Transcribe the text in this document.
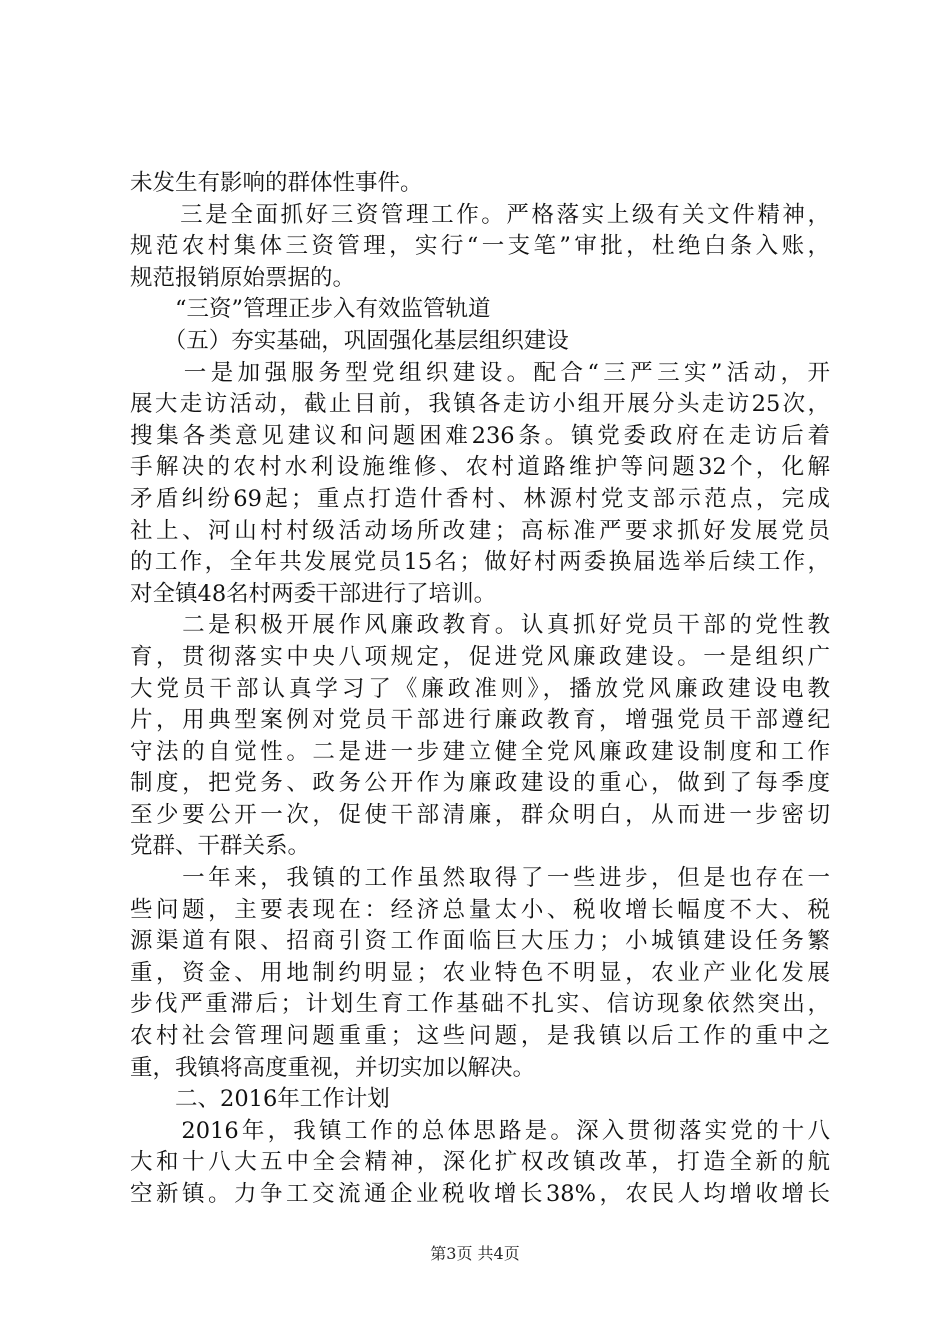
未发生有影响的群体性事件。
　　三是全面抓好三资管理工作。严格落实上级有关文件精神，
规范农村集体三资管理，实行“一支笔”审批，杜绝白条入账，
规范报销原始票据的。
　　“三资”管理正步入有效监管轨道
　　（五）夯实基础，巩固强化基层组织建设
　　一是加强服务型党组织建设。配合“三严三实”活动，开
展大走访活动，截止目前，我镇各走访小组开展分头走访25次，
搜集各类意见建议和问题困难236条。镇党委政府在走访后着
手解决的农村水利设施维修、农村道路维护等问题32个，化解
矛盾纠纷69起；重点打造什香村、林源村党支部示范点，完成
社上、河山村村级活动场所改建；高标准严要求抓好发展党员
的工作，全年共发展党员15名；做好村两委换届选举后续工作，
对全镇48名村两委干部进行了培训。
　　二是积极开展作风廉政教育。认真抓好党员干部的党性教
育，贯彻落实中央八项规定，促进党风廉政建设。一是组织广
大党员干部认真学习了《廉政准则》，播放党风廉政建设电教
片，用典型案例对党员干部进行廉政教育，增强党员干部遵纪
守法的自觉性。二是进一步建立健全党风廉政建设制度和工作
制度，把党务、政务公开作为廉政建设的重心，做到了每季度
至少要公开一次，促使干部清廉，群众明白，从而进一步密切
党群、干群关系。
　　一年来，我镇的工作虽然取得了一些进步，但是也存在一
些问题，主要表现在：经济总量太小、税收增长幅度不大、税
源渠道有限、招商引资工作面临巨大压力；小城镇建设任务繁
重，资金、用地制约明显；农业特色不明显，农业产业化发展
步伐严重滞后；计划生育工作基础不扎实、信访现象依然突出，
农村社会管理问题重重；这些问题，是我镇以后工作的重中之
重，我镇将高度重视，并切实加以解决。
　　二、2016年工作计划
　　2016年，我镇工作的总体思路是。深入贯彻落实党的十八
大和十八大五中全会精神，深化扩权改镇改革，打造全新的航
空新镇。力争工交流通企业税收增长38%，农民人均增收增长
第3页 共4页
